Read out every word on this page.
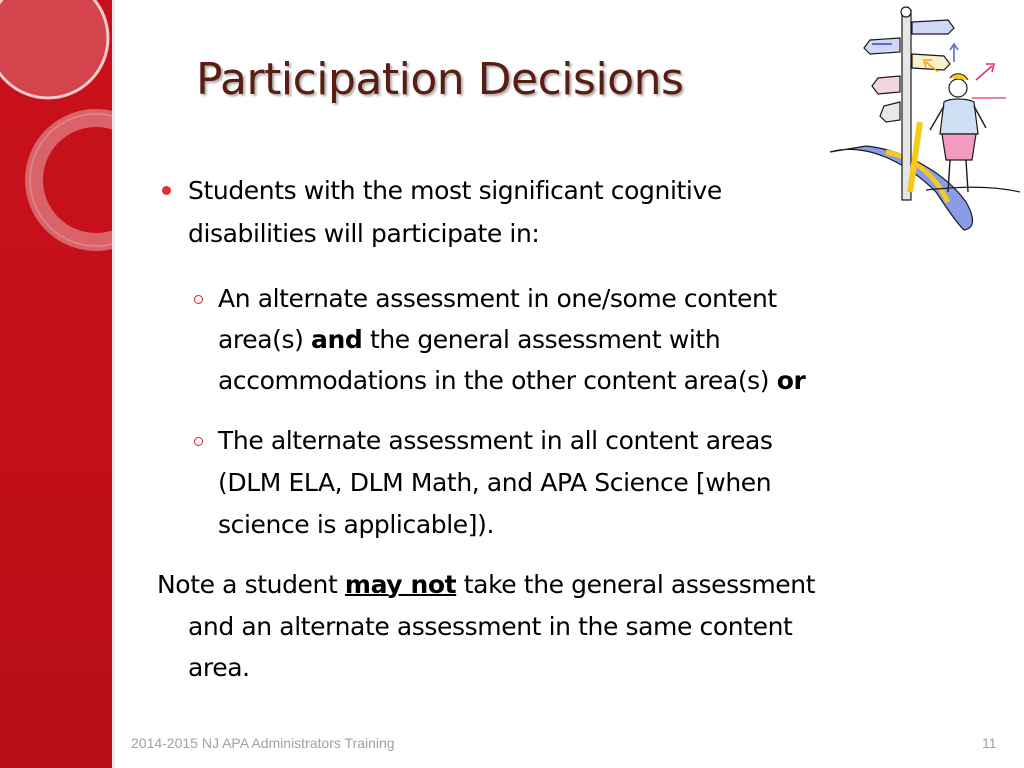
Participation Decisions
Students with the most significant cognitive
disabilities will participate in:
An alternate assessment in one/some content
area(s) and the general assessment with
accommodations in the other content area(s) or
The alternate assessment in all content areas
(DLM ELA, DLM Math, and APA Science [when
science is applicable]).
Note a student may not take the general assessment
and an alternate assessment in the same content
area.
2014-2015 NJ APA Administrators Training	11
